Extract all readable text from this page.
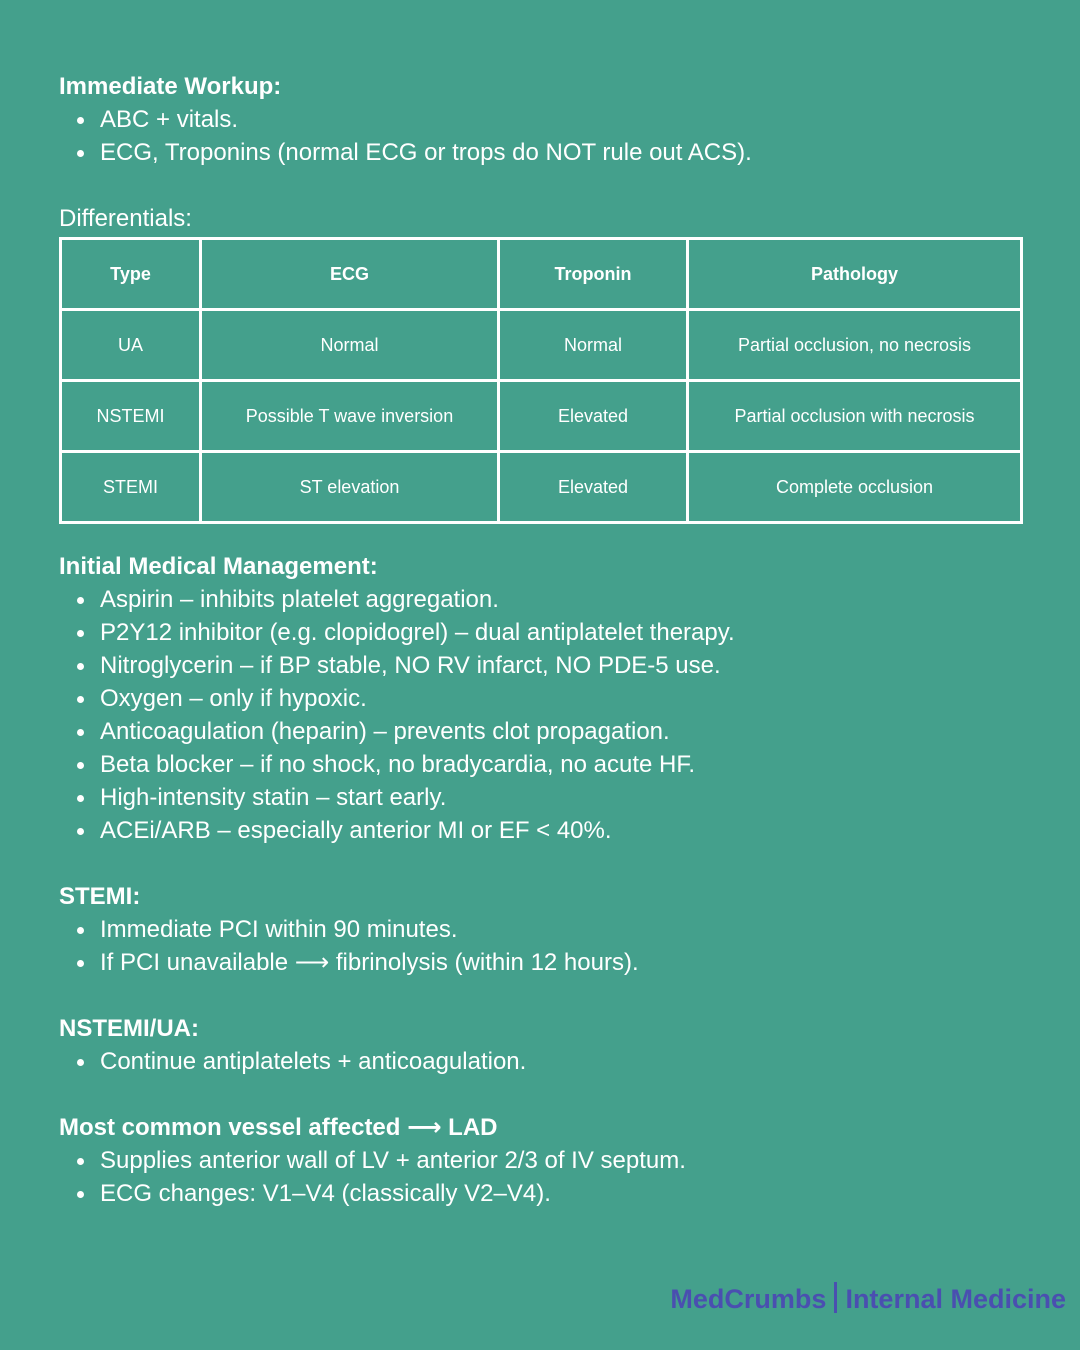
Immediate Workup:

ABC + vitals.
ECG, Troponins (normal ECG or trops do NOT rule out ACS).

Differentials:

Type	ECG	Troponin	Pathology
UA	Normal	Normal	Partial occlusion, no necrosis
NSTEMI	Possible T wave inversion	Elevated	Partial occlusion with necrosis
STEMI	ST elevation	Elevated	Complete occlusion

Initial Medical Management:

Aspirin – inhibits platelet aggregation.
P2Y12 inhibitor (e.g. clopidogrel) – dual antiplatelet therapy.
Nitroglycerin – if BP stable, NO RV infarct, NO PDE-5 use.
Oxygen – only if hypoxic.
Anticoagulation (heparin) – prevents clot propagation.
Beta blocker – if no shock, no bradycardia, no acute HF.
High-intensity statin – start early.
ACEi/ARB – especially anterior MI or EF < 40%.

STEMI:

Immediate PCI within 90 minutes.
If PCI unavailable ⟶ fibrinolysis (within 12 hours).

NSTEMI/UA:

Continue antiplatelets + anticoagulation.

Most common vessel affected ⟶ LAD

Supplies anterior wall of LV + anterior 2/3 of IV septum.
ECG changes: V1–V4 (classically V2–V4).
MedCrumbs Internal Medicine
